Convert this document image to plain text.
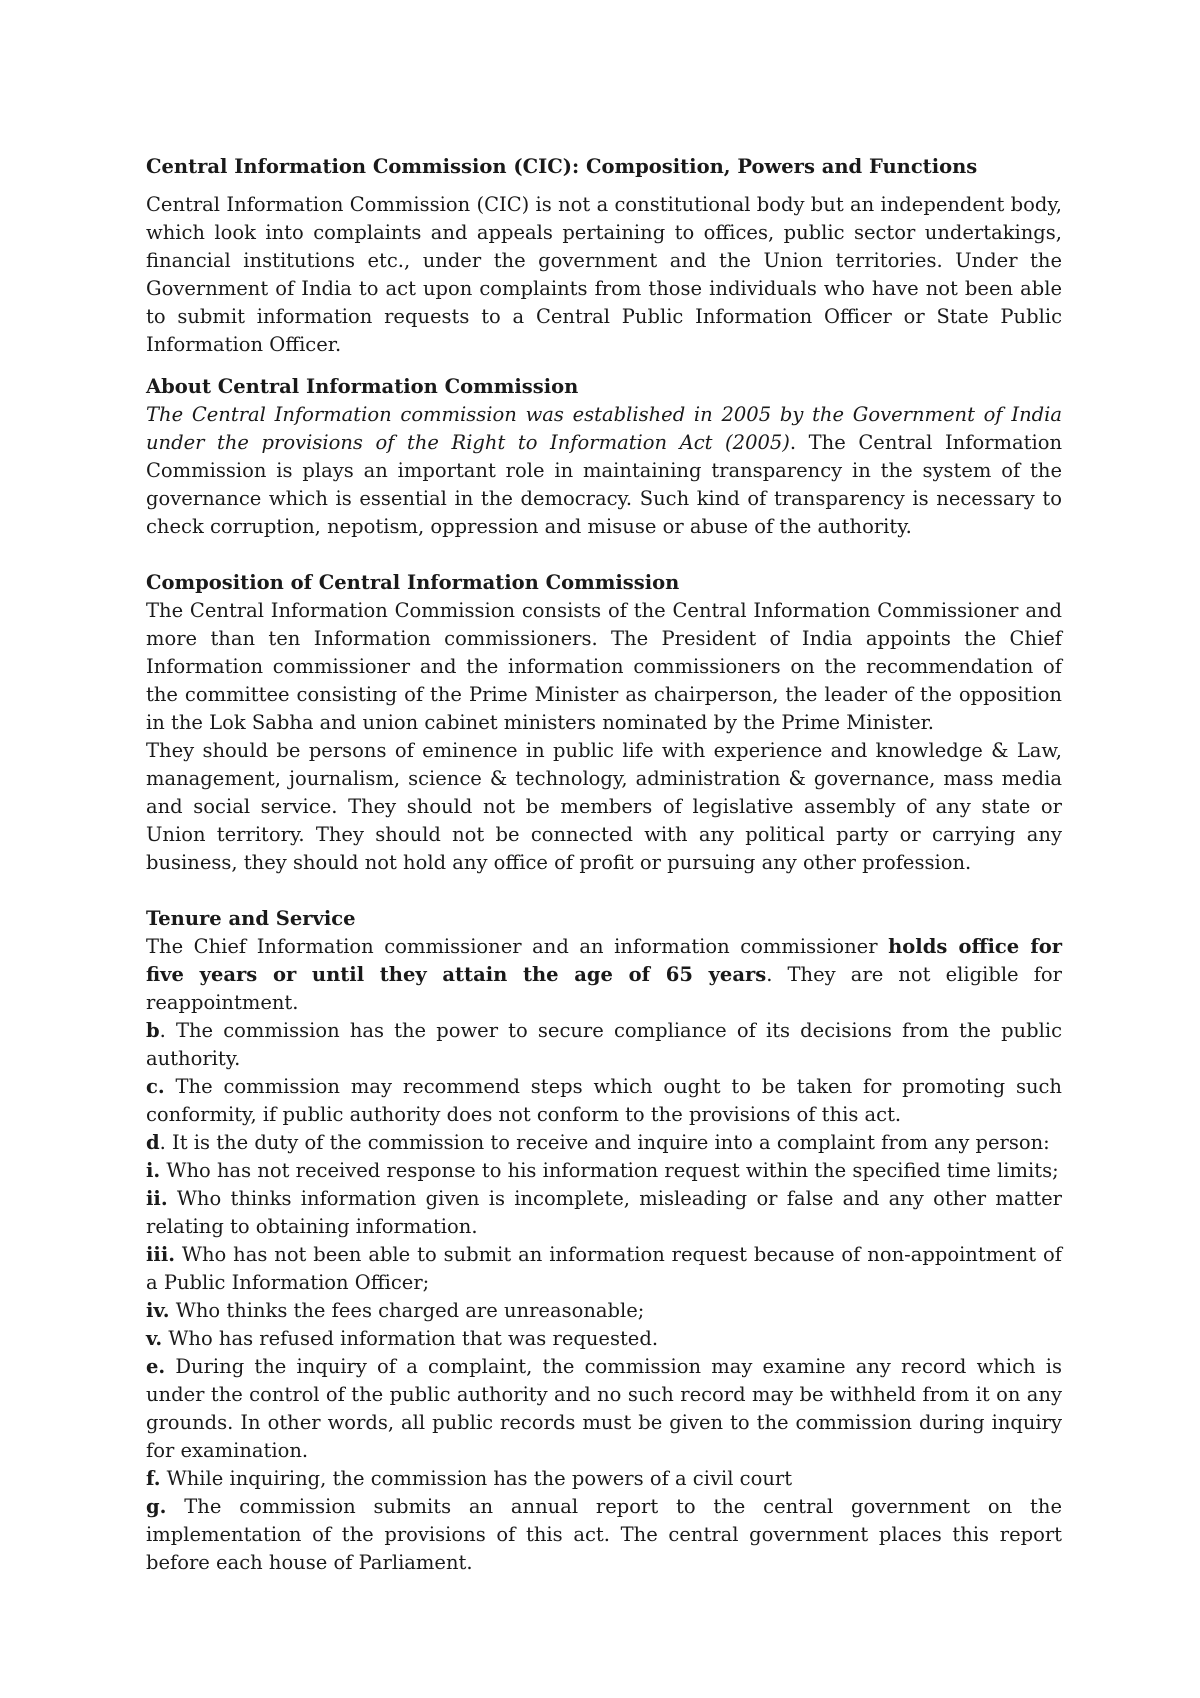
Central Information Commission (CIC): Composition, Powers and Functions

Central Information Commission (CIC) is not a constitutional body but an independent body, which look into complaints and appeals pertaining to offices, public sector undertakings, financial institutions etc., under the government and the Union territories. Under the Government of India to act upon complaints from those individuals who have not been able to submit information requests to a Central Public Information Officer or State Public Information Officer.

About Central Information Commission

The Central Information commission was established in 2005 by the Government of India under the provisions of the Right to Information Act (2005). The Central Information Commission is plays an important role in maintaining transparency in the system of the governance which is essential in the democracy. Such kind of transparency is necessary to check corruption, nepotism, oppression and misuse or abuse of the authority.

Composition of Central Information Commission

The Central Information Commission consists of the Central Information Commissioner and more than ten Information commissioners. The President of India appoints the Chief Information commissioner and the information commissioners on the recommendation of the committee consisting of the Prime Minister as chairperson, the leader of the opposition in the Lok Sabha and union cabinet ministers nominated by the Prime Minister.

They should be persons of eminence in public life with experience and knowledge & Law, management, journalism, science & technology, administration & governance, mass media and social service. They should not be members of legislative assembly of any state or Union territory. They should not be connected with any political party or carrying any business, they should not hold any office of profit or pursuing any other profession.

Tenure and Service

The Chief Information commissioner and an information commissioner holds office for five years or until they attain the age of 65 years. They are not eligible for reappointment.

b. The commission has the power to secure compliance of its decisions from the public authority.

c. The commission may recommend steps which ought to be taken for promoting such conformity, if public authority does not conform to the provisions of this act.

d. It is the duty of the commission to receive and inquire into a complaint from any person:

i. Who has not received response to his information request within the specified time limits;

ii. Who thinks information given is incomplete, misleading or false and any other matter relating to obtaining information.

iii. Who has not been able to submit an information request because of non-appointment of a Public Information Officer;

iv. Who thinks the fees charged are unreasonable;

v. Who has refused information that was requested.

e. During the inquiry of a complaint, the commission may examine any record which is under the control of the public authority and no such record may be withheld from it on any grounds. In other words, all public records must be given to the commission during inquiry for examination.

f. While inquiring, the commission has the powers of a civil court

g. The commission submits an annual report to the central government on the implementation of the provisions of this act. The central government places this report before each house of Parliament.
